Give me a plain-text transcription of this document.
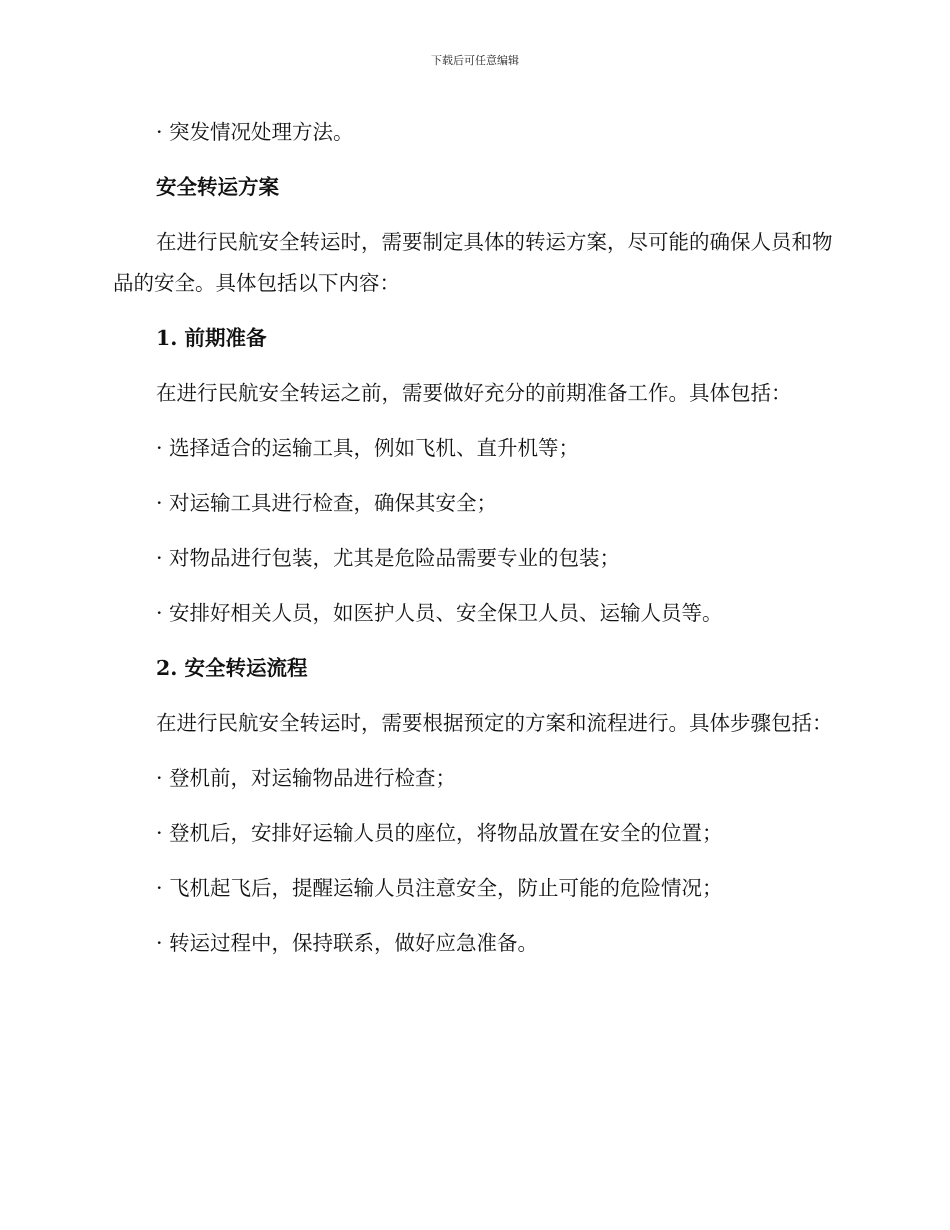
下载后可任意编辑

· 突发情况处理方法。

安全转运方案

在进行民航安全转运时，需要制定具体的转运方案，尽可能的确保人员和物品的安全。具体包括以下内容：

1. 前期准备

在进行民航安全转运之前，需要做好充分的前期准备工作。具体包括：

· 选择适合的运输工具，例如飞机、直升机等；

· 对运输工具进行检查，确保其安全；

· 对物品进行包装，尤其是危险品需要专业的包装；

· 安排好相关人员，如医护人员、安全保卫人员、运输人员等。

2. 安全转运流程

在进行民航安全转运时，需要根据预定的方案和流程进行。具体步骤包括：

· 登机前，对运输物品进行检查；

· 登机后，安排好运输人员的座位，将物品放置在安全的位置；

· 飞机起飞后，提醒运输人员注意安全，防止可能的危险情况；

· 转运过程中，保持联系，做好应急准备。
